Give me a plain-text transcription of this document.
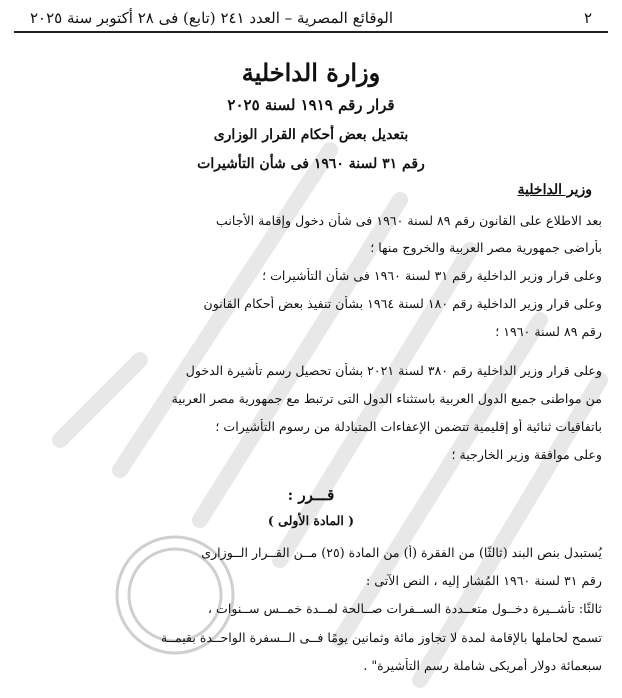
٢
الوقائع المصرية – العدد ٢٤١ (تابع) فى ٢٨ أكتوبر سنة ٢٠٢٥
وزارة الداخلية
قرار رقم ١٩١٩ لسنة ٢٠٢٥
بتعديل بعض أحكام القرار الوزارى
رقم ٣١ لسنة ١٩٦٠ فى شأن التأشيرات
وزير الداخلية
بعد الاطلاع على القانون رقم ٨٩ لسنة ١٩٦٠ فى شأن دخول وإقامة الأجانب
بأراضى جمهورية مصر العربية والخروج منها ؛
وعلى قرار وزير الداخلية رقم ٣١ لسنة ١٩٦٠ فى شأن التأشيرات ؛
وعلى قرار وزير الداخلية رقم ١٨٠ لسنة ١٩٦٤ بشأن تنفيذ بعض أحكام القانون
رقم ٨٩ لسنة ١٩٦٠ ؛
وعلى قرار وزير الداخلية رقم ٣٨٠ لسنة ٢٠٢١ بشأن تحصيل رسم تأشيرة الدخول
من مواطنى جميع الدول العربية باستثناء الدول التى ترتبط مع جمهورية مصر العربية
باتفاقيات ثنائية أو إقليمية تتضمن الإعفاءات المتبادلة من رسوم التأشيرات ؛
وعلى موافقة وزير الخارجية ؛
قـــرر :
( المادة الأولى )
يُستبدل بنص البند (ثالثًا) من الفقرة (أ) من المادة (٢٥) مــن القــرار الــوزارى
رقم ٣١ لسنة ١٩٦٠ المُشار إليه ، النص الآتى :
ثالثًا: تأشــيرة دخــول متعــددة الســفرات صــالحة لمــدة خمــس ســنوات ،
تسمح لحاملها بالإقامة لمدة لا تجاوز مائة وثمانين يومًا فــى الــسفرة الواحــدة بقيمــة
سبعمائة دولار أمريكى شاملة رسم التأشيرة" .
